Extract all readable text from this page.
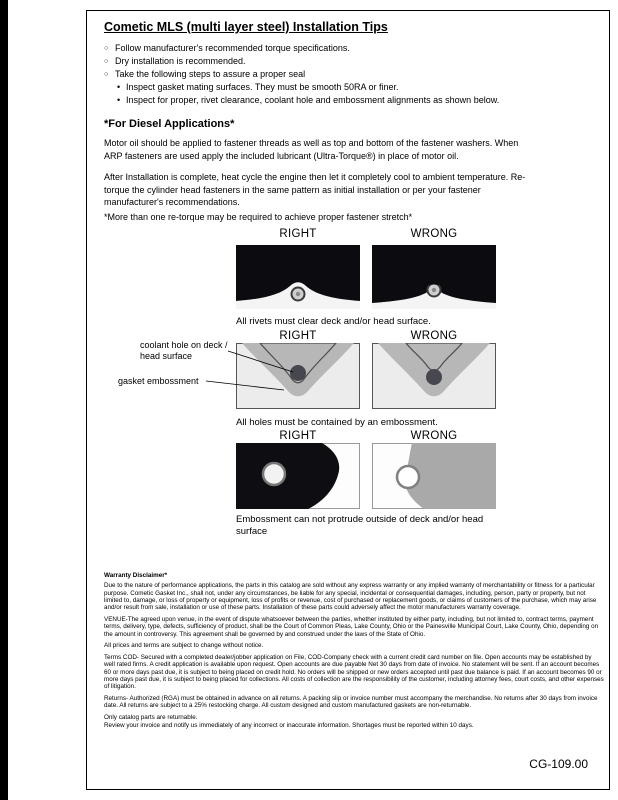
Cometic MLS (multi layer steel) Installation Tips
○ Follow manufacturer's recommended torque specifications.
○ Dry installation is recommended.
○ Take the following steps to assure a proper seal
• Inspect gasket mating surfaces. They must be smooth 50RA or finer.
• Inspect for proper, rivet clearance, coolant hole and embossment alignments as shown below.
*For Diesel Applications*
Motor oil should be applied to fastener threads as well as top and bottom of the fastener washers. When ARP fasteners are used apply the included lubricant (Ultra-Torque®) in place of motor oil.
After Installation is complete, heat cycle the engine then let it completely cool to ambient temperature. Re-torque the cylinder head fasteners in the same pattern as initial installation or per your fastener manufacturer's recommendations.
*More than one re-torque may be required to achieve proper fastener stretch*
RIGHT	WRONG
All rivets must clear deck and/or head surface.
RIGHT	WRONG
coolant hole on deck / head surface
gasket embossment
All holes must be contained by an embossment.
RIGHT	WRONG
Embossment can not protrude outside of deck and/or head surface
Warranty Disclaimer*

Due to the nature of performance applications, the parts in this catalog are sold without any express warranty or any implied warranty of merchantability or fitness for a particular purpose. Cometic Gasket Inc., shall not, under any circumstances, be liable for any special, incidental or consequential damages, including, person, party or property, but not limited to, damage, or loss of property or equipment, loss of profits or revenue, cost of purchased or replacement goods, or claims of customers of the purchase, which may arise and/or result from sale, installation or use of these parts. Installation of these parts could adversely affect the motor manufacturers warranty coverage.

VENUE-The agreed upon venue, in the event of dispute whatsoever between the parties, whether instituted by either party, including, but not limited to, contract terms, payment terms, delivery, type, defects, sufficiency of product, shall be the Court of Common Pleas, Lake County, Ohio or the Painesville Municipal Court, Lake County, Ohio, depending on the amount in controversy. This agreement shall be governed by and construed under the laws of the State of Ohio.

All prices and terms are subject to change without notice.

Terms COD- Secured with a completed dealer/jobber application on File, COD-Company check with a current credit card number on file. Open accounts may be established by well rated firms. A credit application is available upon request. Open accounts are due payable Net 30 days from date of invoice. No statement will be sent. If an account becomes 60 or more days past due, it is subject to being placed on credit hold. No orders will be shipped or new orders accepted until past due balance is paid. If an account becomes 90 or more days past due, it is subject to being placed for collections. All costs of collection are the responsibility of the customer, including attorney fees, court costs, and other expenses of litigation.

Returns- Authorized (RGA) must be obtained in advance on all returns. A packing slip or invoice number must accompany the merchandise. No returns after 30 days from invoice date. All returns are subject to a 25% restocking charge. All custom designed and custom manufactured gaskets are non-returnable.

Only catalog parts are returnable.

Review your invoice and notify us immediately of any incorrect or inaccurate information. Shortages must be reported within 10 days.

CG-109.00
